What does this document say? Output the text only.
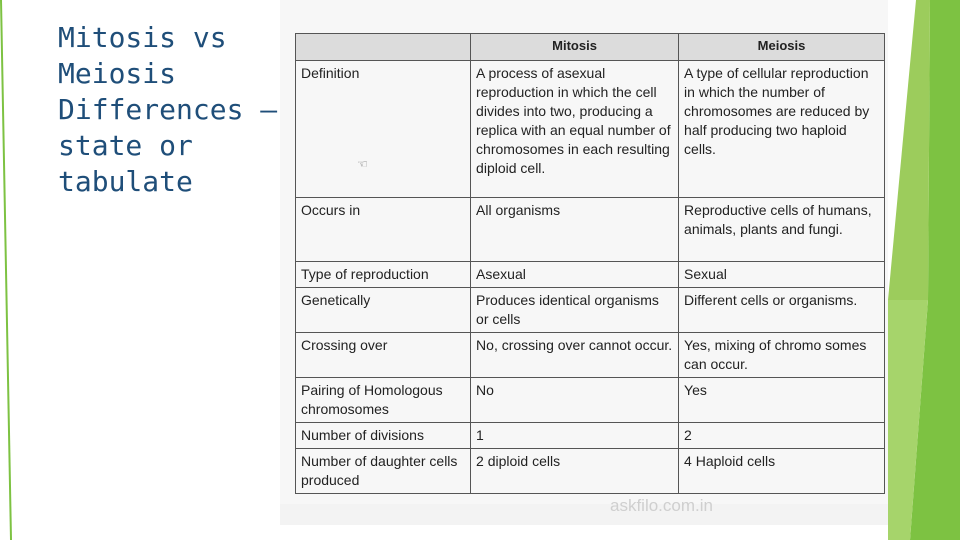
Mitosis vs
Meiosis
Differences –
state or
tabulate
askfilo.com.in
	Mitosis	Meiosis
Definition	A process of asexual reproduction in which the cell divides into two, producing a replica with an equal number of chromosomes in each resulting diploid cell.	A type of cellular reproduction in which the number of chromosomes are reduced by half producing two haploid cells.
Occurs in	All organisms	Reproductive cells of humans, animals, plants and fungi.
Type of reproduction	Asexual	Sexual
Genetically	Produces identical organisms or cells	Different cells or organisms.
Crossing over	No, crossing over cannot occur.	Yes, mixing of chromo somes can occur.
Pairing of Homologous chromosomes	No	Yes
Number of divisions	1	2
Number of daughter cells produced	2 diploid cells	4 Haploid cells
☜
